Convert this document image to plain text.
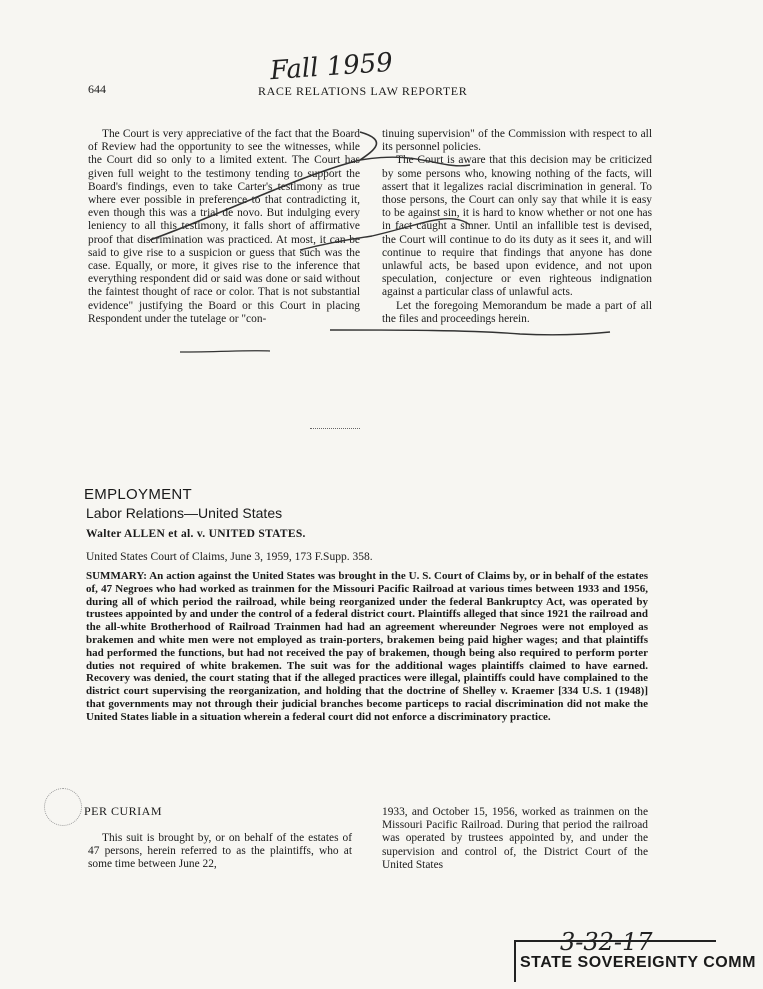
Fall 1959
644	RACE RELATIONS LAW REPORTER

The Court is very appreciative of the fact that the Board of Review had the opportunity to see the witnesses, while the Court did so only to a limited extent. The Court has given full weight to the testimony tending to support the Board's findings, even to take Carter's testimony as true where ever possible in preference to that contradicting it, even though this was a trial de novo. But indulging every leniency to all this testimony, it falls short of affirmative proof that discrimination was practiced. At most, it can be said to give rise to a suspicion or guess that such was the case. Equally, or more, it gives rise to the inference that everything respondent did or said was done or said without the faintest thought of race or color. That is not substantial evidence" justifying the Board or this Court in placing Respondent under the tutelage or "con-

tinuing supervision" of the Commission with respect to all its personnel policies.

The Court is aware that this decision may be criticized by some persons who, knowing nothing of the facts, will assert that it legalizes racial discrimination in general. To those persons, the Court can only say that while it is easy to be against sin, it is hard to know whether or not one has in fact caught a sinner. Until an infallible test is devised, the Court will continue to do its duty as it sees it, and will continue to require that findings that anyone has done unlawful acts, be based upon evidence, and not upon speculation, conjecture or even righteous indignation against a particular class of unlawful acts.

Let the foregoing Memorandum be made a part of all the files and proceedings herein.

EMPLOYMENT
Labor Relations—United States
Walter ALLEN et al. v. UNITED STATES.
United States Court of Claims, June 3, 1959, 173 F.Supp. 358.
SUMMARY: An action against the United States was brought in the U. S. Court of Claims by, or in behalf of the estates of, 47 Negroes who had worked as trainmen for the Missouri Pacific Railroad at various times between 1933 and 1956, during all of which period the railroad, while being reorganized under the federal Bankruptcy Act, was operated by trustees appointed by and under the control of a federal district court. Plaintiffs alleged that since 1921 the railroad and the all-white Brotherhood of Railroad Trainmen had had an agreement whereunder Negroes were not employed as brakemen and white men were not employed as train-porters, brakemen being paid higher wages; and that plaintiffs had performed the functions, but had not received the pay of brakemen, though being also required to perform porter duties not required of white brakemen. The suit was for the additional wages plaintiffs claimed to have earned. Recovery was denied, the court stating that if the alleged practices were illegal, plaintiffs could have complained to the district court supervising the reorganization, and holding that the doctrine of Shelley v. Kraemer [334 U.S. 1 (1948)] that governments may not through their judicial branches become particeps to racial discrimination did not make the United States liable in a situation wherein a federal court did not enforce a discriminatory practice.
PER CURIAM

This suit is brought by, or on behalf of the estates of 47 persons, herein referred to as the plaintiffs, who at some time between June 22,

1933, and October 15, 1956, worked as trainmen on the Missouri Pacific Railroad. During that period the railroad was operated by trustees appointed by, and under the supervision and control of, the District Court of the United States

3-32-17
STATE SOVEREIGNTY COMM
